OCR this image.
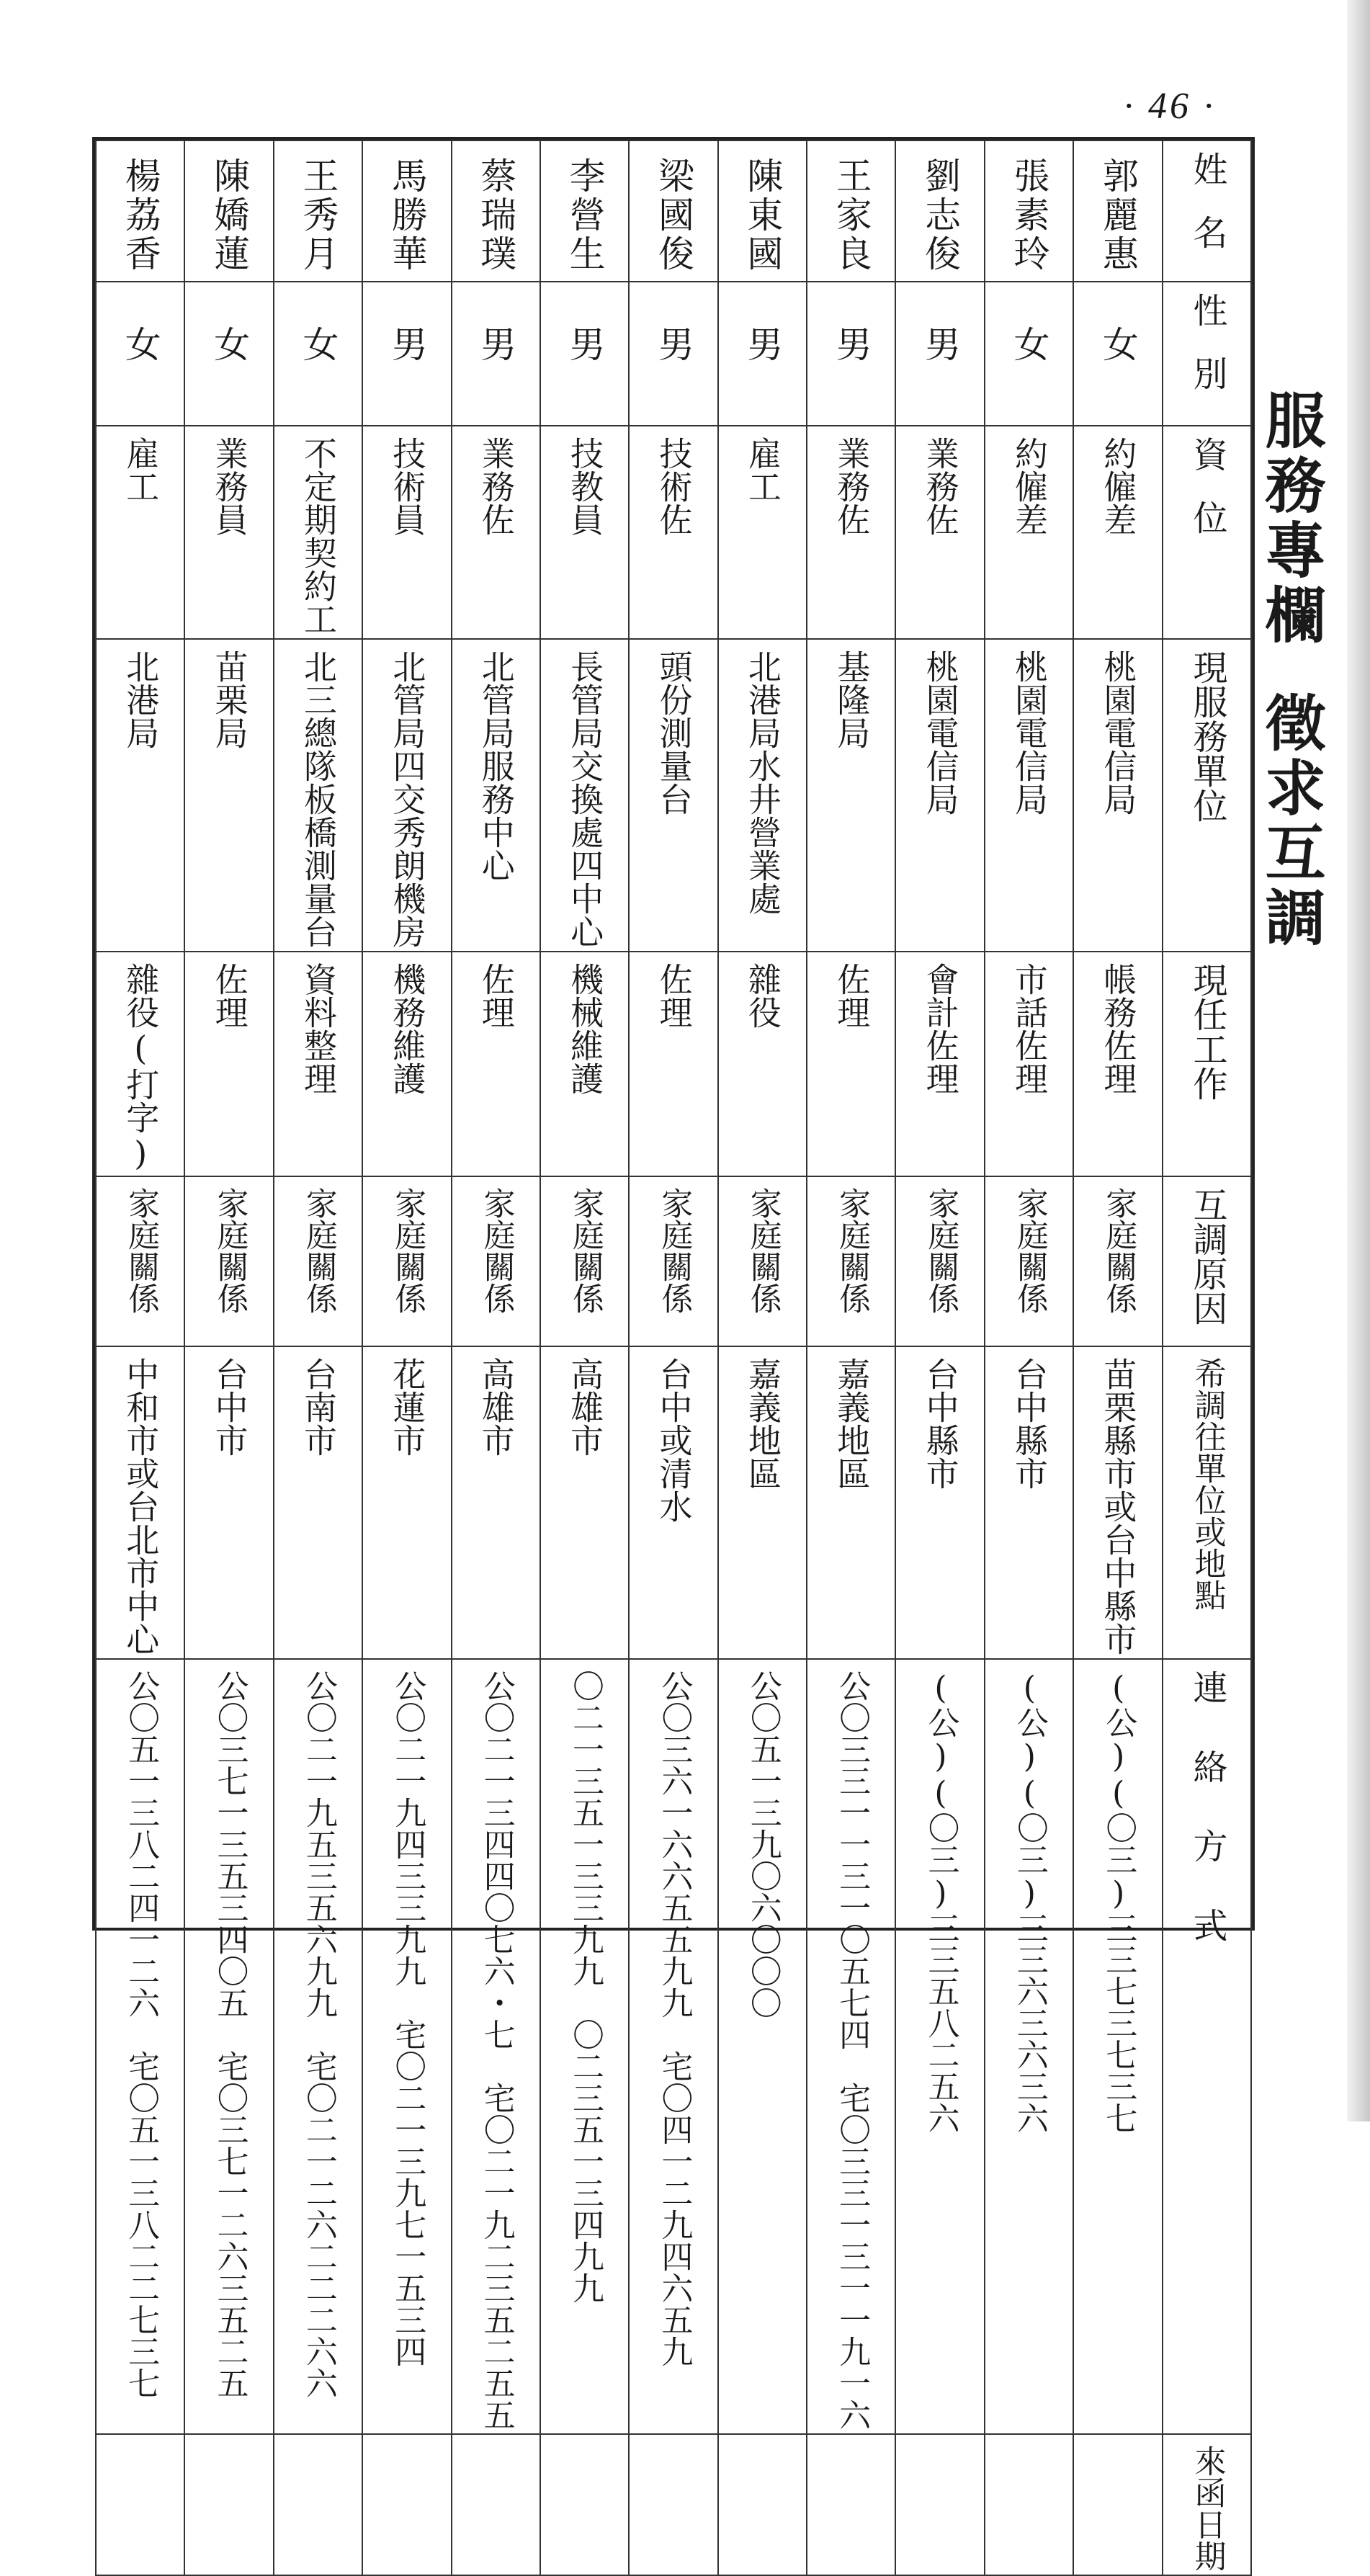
· 46 ·
服務專欄徵求互調
楊荔香	陳嬌蓮	王秀月	馬勝華	蔡瑞璞	李營生	梁國俊	陳東國	王家良	劉志俊	張素玲	郭麗惠	姓名
女	女	女	男	男	男	男	男	男	男	女	女	性別
雇工	業務員	不定期契約工	技術員	業務佐	技教員	技術佐	雇工	業務佐	業務佐	約僱差	約僱差	資位
北港局	苗栗局	北三總隊板橋測量台	北管局四交秀朗機房	北管局服務中心	長管局交換處四中心	頭份測量台	北港局水井營業處	基隆局	桃園電信局	桃園電信局	桃園電信局	現服務單位
雜役(打字)	佐理	資料整理	機務維護	佐理	機械維護	佐理	雜役	佐理	會計佐理	市話佐理	帳務佐理	現任工作
家庭關係	家庭關係	家庭關係	家庭關係	家庭關係	家庭關係	家庭關係	家庭關係	家庭關係	家庭關係	家庭關係	家庭關係	互調原因
中和市或台北市中心	台中市	台南市	花蓮市	高雄市	高雄市	台中或清水	嘉義地區	嘉義地區	台中縣市	台中縣市	苗栗縣市或台中縣市	希調往單位或地點
公〇五一三八二四一二六　宅〇五一三八二二七三七	公〇三七一三五三四〇五　宅〇三七一二六三五二五	公〇二一九五三五六九九　宅〇二一二六二二二六六	公〇二一九四三三九九　宅〇二一三九七一五三四	公〇二一三四四〇七六・七　宅〇二一九二三五二五五	〇二一三五一三三九九　〇二三五一三四九九	公〇三六一六六五五九九　宅〇四一二九四六五九	公〇五一三九〇六〇〇〇	公〇三三一一三一〇五七四　宅〇三三一三一一九一六	(公)(〇三)三三五八二五六	(公)(〇三)三三六三六三六	(公)(〇三)三三七三七三七	連絡方式
												來函日期
